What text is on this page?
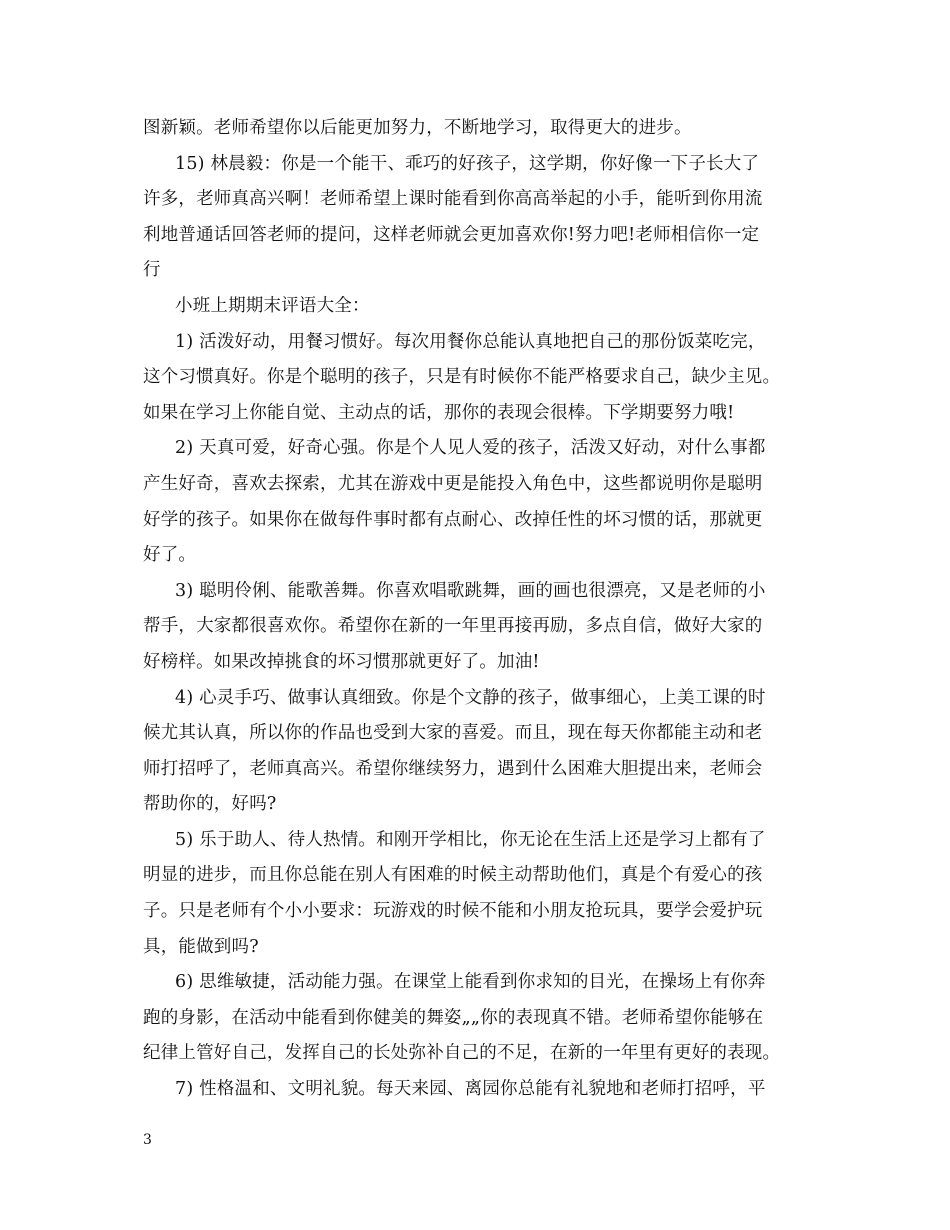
图新颖。老师希望你以后能更加努力，不断地学习，取得更大的进步。
15) 林晨毅：你是一个能干、乖巧的好孩子，这学期，你好像一下子长大了
许多，老师真高兴啊！老师希望上课时能看到你高高举起的小手，能听到你用流
利地普通话回答老师的提问，这样老师就会更加喜欢你!努力吧!老师相信你一定
行
小班上期期末评语大全：
1) 活泼好动，用餐习惯好。每次用餐你总能认真地把自己的那份饭菜吃完，
这个习惯真好。你是个聪明的孩子，只是有时候你不能严格要求自己，缺少主见。
如果在学习上你能自觉、主动点的话，那你的表现会很棒。下学期要努力哦!
2) 天真可爱，好奇心强。你是个人见人爱的孩子，活泼又好动，对什么事都
产生好奇，喜欢去探索，尤其在游戏中更是能投入角色中，这些都说明你是聪明
好学的孩子。如果你在做每件事时都有点耐心、改掉任性的坏习惯的话，那就更
好了。
3) 聪明伶俐、能歌善舞。你喜欢唱歌跳舞，画的画也很漂亮，又是老师的小
帮手，大家都很喜欢你。希望你在新的一年里再接再励，多点自信，做好大家的
好榜样。如果改掉挑食的坏习惯那就更好了。加油!
4) 心灵手巧、做事认真细致。你是个文静的孩子，做事细心，上美工课的时
候尤其认真，所以你的作品也受到大家的喜爱。而且，现在每天你都能主动和老
师打招呼了，老师真高兴。希望你继续努力，遇到什么困难大胆提出来，老师会
帮助你的，好吗?
5) 乐于助人、待人热情。和刚开学相比，你无论在生活上还是学习上都有了
明显的进步，而且你总能在别人有困难的时候主动帮助他们，真是个有爱心的孩
子。只是老师有个小小要求：玩游戏的时候不能和小朋友抢玩具，要学会爱护玩
具，能做到吗?
6) 思维敏捷，活动能力强。在课堂上能看到你求知的目光，在操场上有你奔
跑的身影，在活动中能看到你健美的舞姿„„你的表现真不错。老师希望你能够在
纪律上管好自己，发挥自己的长处弥补自己的不足，在新的一年里有更好的表现。
7) 性格温和、文明礼貌。每天来园、离园你总能有礼貌地和老师打招呼，平
3
